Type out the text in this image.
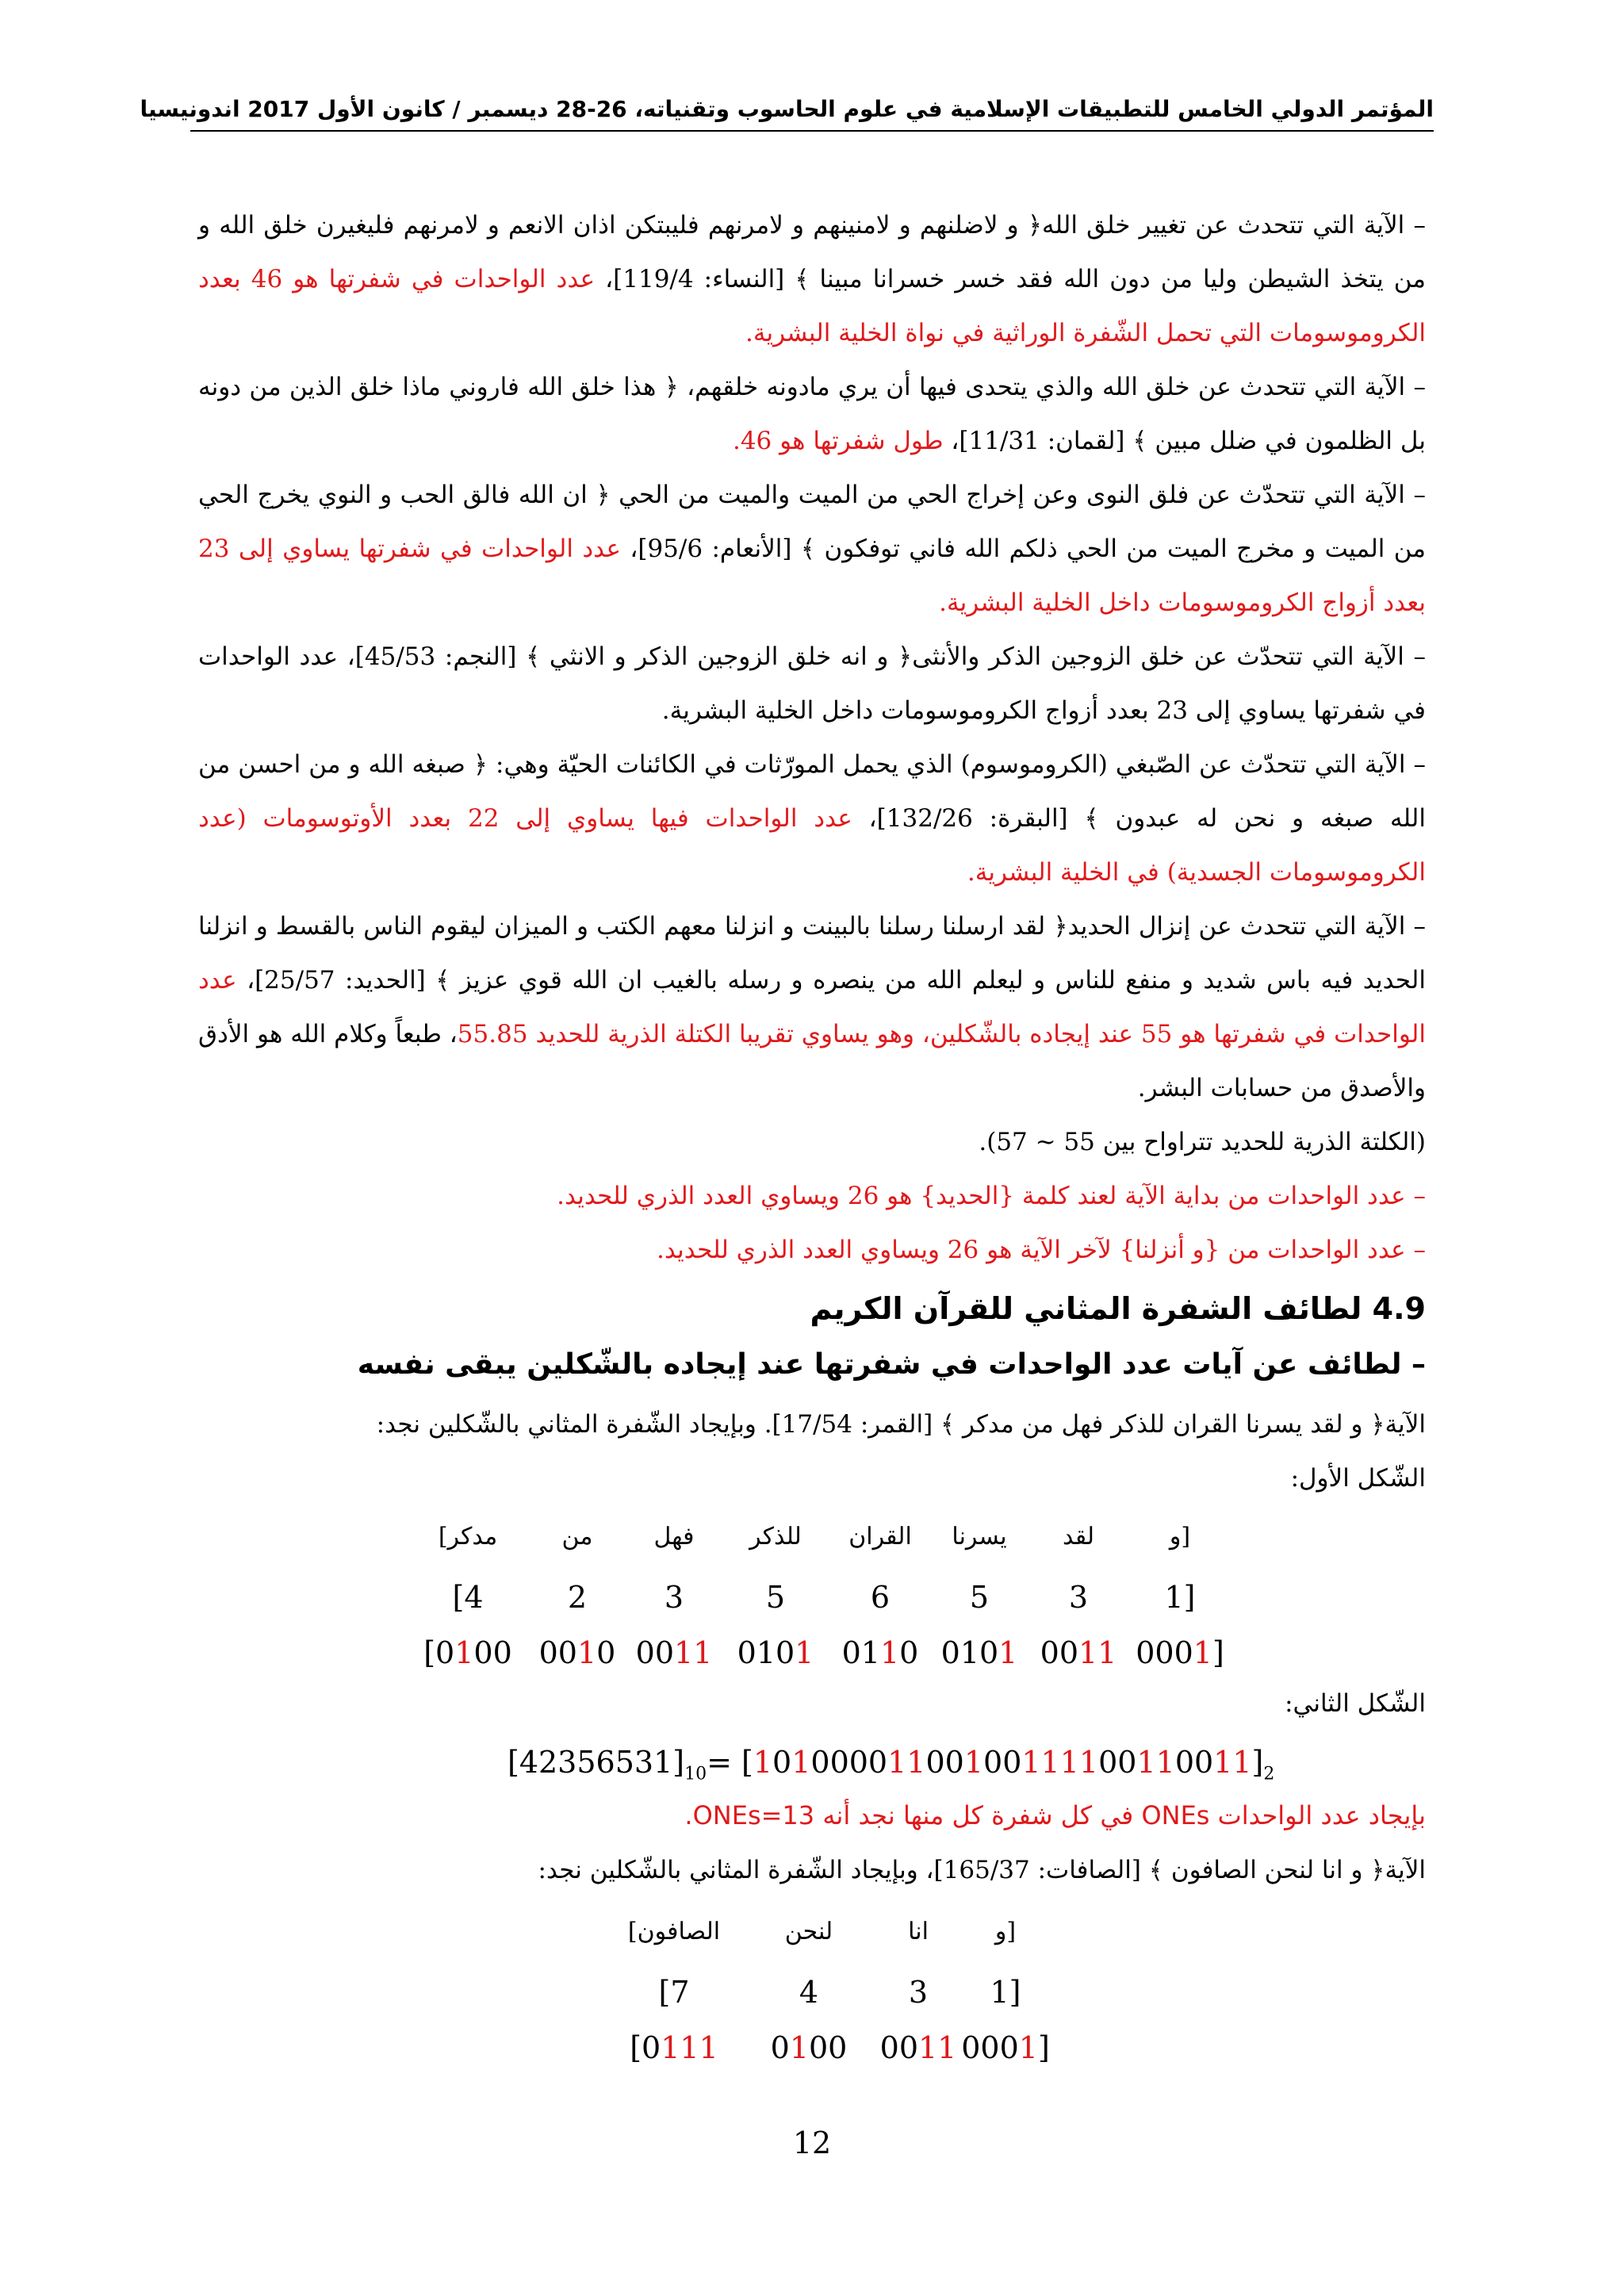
المؤتمر الدولي الخامس للتطبيقات الإسلامية في علوم الحاسوب وتقنياته، 26-28 ديسمبر / كانون الأول 2017 اندونيسيا

– الآية التي تتحدث عن تغيير خلق الله﴿ و لاضلنهم و لامنينهم و لامرنهم فليبتكن اذان الانعم و لامرنهم فليغيرن خلق الله و من يتخذ الشيطن وليا من دون الله فقد خسر خسرانا مبينا ﴾ [النساء: 119/4]، عدد الواحدات في شفرتها هو 46 بعدد الكروموسومات التي تحمل الشّفرة الوراثية في نواة الخلية البشرية.

– الآية التي تتحدث عن خلق الله والذي يتحدى فيها أن يري مادونه خلقهم، ﴿ هذا خلق الله فاروني ماذا خلق الذين من دونه بل الظلمون في ضلل مبين ﴾ [لقمان: 11/31]، طول شفرتها هو 46.

– الآية التي تتحدّث عن فلق النوى وعن إخراج الحي من الميت والميت من الحي ﴿ ان الله فالق الحب و النوي يخرج الحي من الميت و مخرج الميت من الحي ذلكم الله فاني توفكون ﴾ [الأنعام: 95/6]، عدد الواحدات في شفرتها يساوي إلى 23 بعدد أزواج الكروموسومات داخل الخلية البشرية.

– الآية التي تتحدّث عن خلق الزوجين الذكر والأنثى﴿ و انه خلق الزوجين الذكر و الانثي ﴾ [النجم: 45/53]، عدد الواحدات في شفرتها يساوي إلى 23 بعدد أزواج الكروموسومات داخل الخلية البشرية.

– الآية التي تتحدّث عن الصّبغي (الكروموسوم) الذي يحمل المورّثات في الكائنات الحيّة وهي: ﴿ صبغه الله و من احسن من الله صبغه و نحن له عبدون ﴾ [البقرة: 132/26]، عدد الواحدات فيها يساوي إلى 22 بعدد الأوتوسومات (عدد الكروموسومات الجسدية) في الخلية البشرية.

– الآية التي تتحدث عن إنزال الحديد﴿ لقد ارسلنا رسلنا بالبينت و انزلنا معهم الكتب و الميزان ليقوم الناس بالقسط و انزلنا الحديد فيه باس شديد و منفع للناس و ليعلم الله من ينصره و رسله بالغيب ان الله قوي عزيز ﴾ [الحديد: 25/57]، عدد الواحدات في شفرتها هو 55 عند إيجاده بالشّكلين، وهو يساوي تقريبا الكتلة الذرية للحديد 55.85، طبعاً وكلام الله هو الأدق والأصدق من حسابات البشر.

(الكلتة الذرية للحديد تتراواح بين 55 ~ 57).

– عدد الواحدات من بداية الآية لعند كلمة {الحديد} هو 26 ويساوي العدد الذري للحديد.

– عدد الواحدات من {و أنزلنا} لآخر الآية هو 26 ويساوي العدد الذري للحديد.

4.9 لطائف الشفرة المثاني للقرآن الكريم
– لطائف عن آيات عدد الواحدات في شفرتها عند إيجاده بالشّكلين يبقى نفسه
الآية﴿ و لقد يسرنا القران للذكر فهل من مدكر ﴾ [القمر: 17/54]. وبإيجاد الشّفرة المثاني بالشّكلين نجد:
الشّكل الأول:
[و
1]
0001]
لقد
3
0011
يسرنا
5
0101
القران
6
0110
للذكر
5
0101
فهل
3
0011
من
2
0010
مدكر]
[4
[0100
الشّكل الثاني:
$[42356531]_{10}= [10100001100100111100110011]_2$
بإيجاد عدد الواحدات ONEs في كل شفرة كل منها نجد أنه ONEs=13.
الآية﴿ و انا لنحن الصافون ﴾ [الصافات: 165/37]، وبإيجاد الشّفرة المثاني بالشّكلين نجد:
[و
1]
0001]
انا
3
0011
لنحن
4
0100
الصافون]
[7
[0111
12
